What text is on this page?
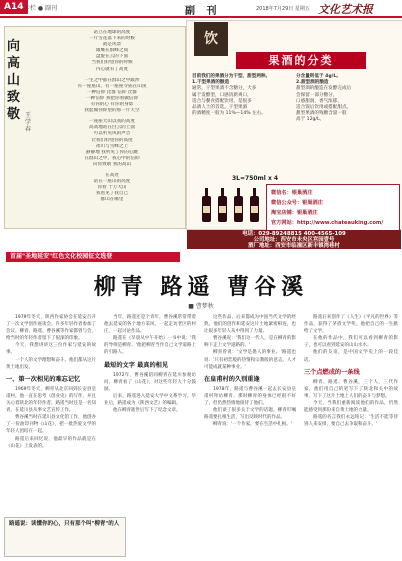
A14 专栏 ● 副刊	副 刊	2018年7月29日 星期五 文化艺术报
向高山致敬 王学春
站立在地球的高度
一片雪花落下来的时候
就是风景
雄鹰在群峰之间
盘旋在云的下面
当我们仰望你的时候
内心就有了高度
一生之中都在群山之中跋涉
有一座座山，有一座座寺庙在山顶
一种信仰 比群 信仰 比群
一种信仰 我把你看做信仰
有你的心 有你的身影
我愿做你仰望的那一片天空
一座座大山以我的高度
高高地站在白云的上面
可以听见风的声音
让我们仰望你的高度
冰川与雪峰之上
静静地 我听见了你的心跳
在群山之中，我心中的信仰
向你致敬 我的高山
在高处
站在一座山的高度
你看 十万大山
我看见了我自己
群山在哪里
饮
果酒的分类
目前我们的果酒分为干型、甜型两种。
1.干型果酒的酿造
通常，干型果酒不含糖分，大多
属于发酵型，口感清新爽口，
适合与餐食搭配饮用，是很多
品酒人士的首选。干型果酒
的酒精度一般为 11%—14% 左右。
分含量则低于 4g/L。
2.甜型酒的酿造
甜型酒的酿造在发酵完成后
会保留一部分糖分，
口感甜润，香气浓郁，
适合饭后饮用或搭配甜点。
甜型果酒的残糖含量一般
高于 12g/L。
3L=750ml x 4
微信名：银巢酒庄
微信公众号：银巢酒庄
淘宝店铺：银巢酒庄
官方网站：http://www.chateauking.com/
电话：029-89248815 400-4565-109
公司地址：西安市未央区宫园壹号
酒厂地址：西安市临潼区新丰镇湾巷村
首届"圣地延安"红色文化校园征文选登
柳青 路遥 曹谷溪
■ 曹梦秋

1979年冬天，陕西作家协会在延安召开了一次文学创作座谈会。许多年轻作者参加了会议。柳青、路遥、曹谷溪等作家都曾与会，给当时的年轻作者留下了很深的印象。

今天，我想讲讲这三位作家与延安的故事。

一个人的文学理想和奋斗。他们都从这片黄土地出发。

一、第一次相见的难忘记忆

1969年冬天，柳青从北京回到长安县皇甫村。他一直在思考《创业史》的写作，并且关心着陕北的年轻作者。路遥当时还是一名知青，在延川县从事文艺宣传工作。

曹谷溪当时在延川县文化馆工作，他创办了一份油印刊物《山花》，把一批热爱文学的年轻人团结在一起。

路遥后来回忆说，他最早的作品就是在《山花》上发表的。

当年，路遥还是个青年，曹谷溪常常带着他去延安的各个地方采风，一起走访老区的村庄，一起讨论作品。

路遥在《早晨从中午开始》一书中说：'我的导师是柳青。'他把柳青当作自己文学道路上的引路人。

最短的文字 最真的相见

1972年，曹谷溪陪同柳青在延川参观访问。柳青看了《山花》，对这些年轻人十分鼓励。

后来，路遥进入延安大学中文系学习。毕业后，路遥成为《陕西文艺》的编辑。

他在柳青逝世后写下了纪念文章。

这些作品，后来都成为中国当代文学的经典。他们的创作和延安这片土地紧密相连，也让很多年轻人从中得到了力量。

曹谷溪说：'我们这一代人，是在柳青的影响下走上文学道路的。'

柳青曾说：'文学是愚人的事业。'路遥也说：'只有初恋般的热情和宗教般的意志，人才可能成就某种事业。'

在皇甫村的久别重逢

1978年，路遥与曹谷溪一起去长安县皇甫村拜访柳青。那时柳青的身体已经很不好了，但仍然热情地接待了他们。

他们谈了很多关于文学的话题。柳青叮嘱路遥要扎根生活，写出反映时代的作品。

柳青说：'一个作家，要在生活中扎根。'

路遥后来创作了《人生》《平凡的世界》等作品，获得了茅盾文学奖。他把自己的一生献给了文学。

在他的作品中，我们可以看到柳青的影子，也可以看到延安的山山水水。

他们的友谊，是中国文学史上的一段佳话。

三个点燃成的一条线

柳青、路遥、曹谷溪，三个人，三代作家，他们用自己的笔写下了陕北和关中的故事，写下了这片土地上人们的奋斗与梦想。

今天，当我们重新阅读他们的作品，仍然能感受到那份来自黄土地的力量。

路遥的名言我们永远铭记：'生活不能等待别人来安排，要自己去争取和奋斗。'

路遥说：读懂你的心，只有那个叫"柳青"的人
